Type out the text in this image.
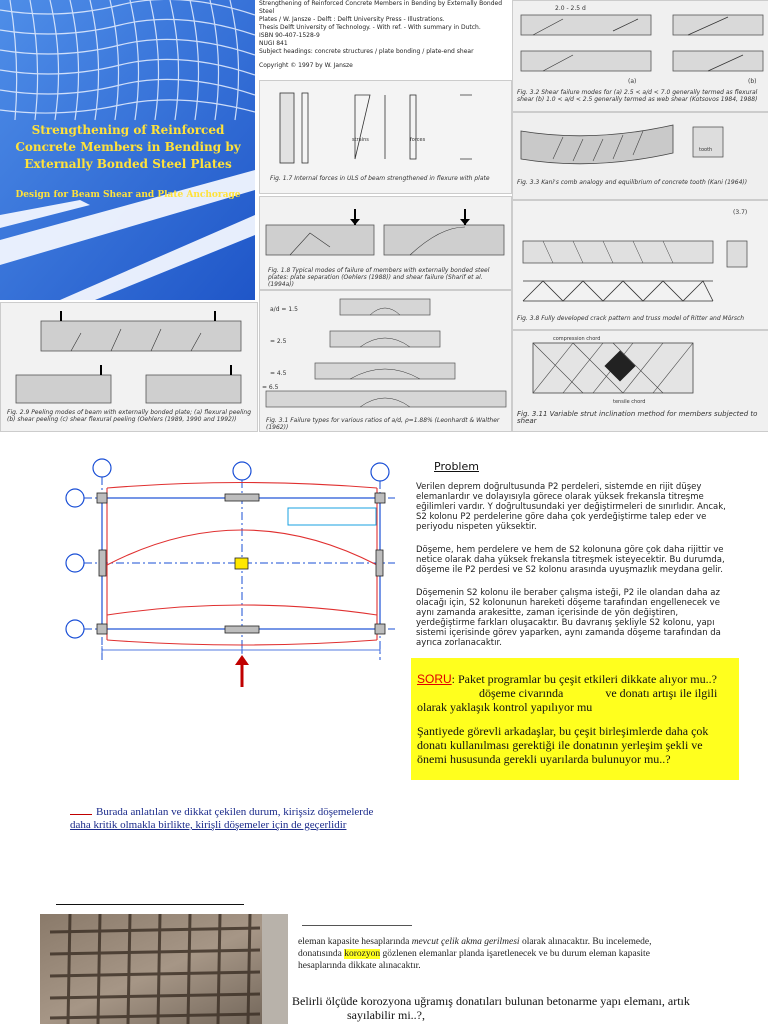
Strengthening of Reinforced Concrete Members in Bending by Externally Bonded Steel Plates
Design for Beam Shear and Plate Anchorage
Strengthening of Reinforced Concrete Members in Bending by Externally Bonded Steel
Plates / W. Jansze - Delft : Delft University Press - Illustrations.
Thesis Delft University of Technology. - With ref. - With summary in Dutch.
ISBN 90-407-1528-9
NUGI 841
Subject headings: concrete structures / plate bonding / plate-end shear
Copyright © 1997 by W. Jansze
2.0 - 2.5 d
(a)	(b)
Fig. 3.2 Shear failure modes for (a) 2.5 < a/d < 7.0 generally termed as flexural shear (b) 1.0 < a/d < 2.5 generally termed as web shear (Kotsovos 1984, 1988)
strains	forces
Fig. 1.7 Internal forces in ULS of beam strengthened in flexure with plate
tooth
Fig. 3.3 Kani's comb analogy and equilibrium of concrete tooth (Kani (1964))
Fig. 1.8 Typical modes of failure of members with externally bonded steel plates: plate separation (Oehlers (1988)) and shear failure (Sharif et al. (1994a))
(3.7)
Fig. 3.8 Fully developed crack pattern and truss model of Ritter and Mörsch
Fig. 2.9 Peeling modes of beam with externally bonded plate; (a) flexural peeling (b) shear peeling (c) shear flexural peeling (Oehlers (1989, 1990 and 1992))
a/d = 1.5
= 2.5
= 4.5
= 6.5
Fig. 3.1 Failure types for various ratios of a/d, ρ=1.88% (Leonhardt & Walther (1962))
compression chord
tensile chord
Fig. 3.11 Variable strut inclination method for members subjected to shear
Problem
Verilen deprem doğrultusunda P2 perdeleri, sistemde en rijit düşey elemanlardır ve dolayısıyla görece olarak yüksek frekansla titreşme eğilimleri vardır. Y doğrultusundaki yer değiştirmeleri de sınırlıdır. Ancak, S2 kolonu P2 perdelerine göre daha çok yerdeğiştirme talep eder ve periyodu nispeten yüksektir.
Döşeme, hem perdelere ve hem de S2 kolonuna göre çok daha rijittir ve netice olarak daha yüksek frekansla titreşmek isteyecektir. Bu durumda, döşeme ile P2 perdesi ve S2 kolonu arasında uyuşmazlık meydana gelir.
Döşemenin S2 kolonu ile beraber çalışma isteği, P2 ile olandan daha az olacağı için, S2 kolonunun hareketi döşeme tarafından engellenecek ve aynı zamanda arakesitte, zaman içerisinde de yön değiştiren, yerdeğiştirme farkları oluşacaktır. Bu davranış şekliyle S2 kolonu, yapı sistemi içerisinde görev yaparken, aynı zamanda döşeme tarafından da ayrıca zorlanacaktır.

SORU: Paket programlar bu çeşit etkileri dikkate alıyor mu..?

döşeme civarında	ve donatı artışı ile ilgili

olarak yaklaşık kontrol yapılıyor mu

Şantiyede görevli arkadaşlar, bu çeşit birleşimlerde daha çok donatı kullanılması gerektiği ile donatının yerleşim şekli ve önemi hususunda gerekli uyarılarda bulunuyor mu..?

Burada anlatılan ve dikkat çekilen durum, kirişsiz döşemelerde
daha kritik olmakla birlikte, kirişli döşemeler için de geçerlidir
eleman kapasite hesaplarında mevcut çelik akma gerilmesi olarak alınacaktır. Bu incelemede,
donatısında korozyon gözlenen elemanlar planda işaretlenecek ve bu durum eleman kapasite
hesaplarında dikkate alınacaktır.
Belirli ölçüde korozyona uğramış donatıları bulunan betonarme yapı elemanı, artık
sayılabilir mi..?,
